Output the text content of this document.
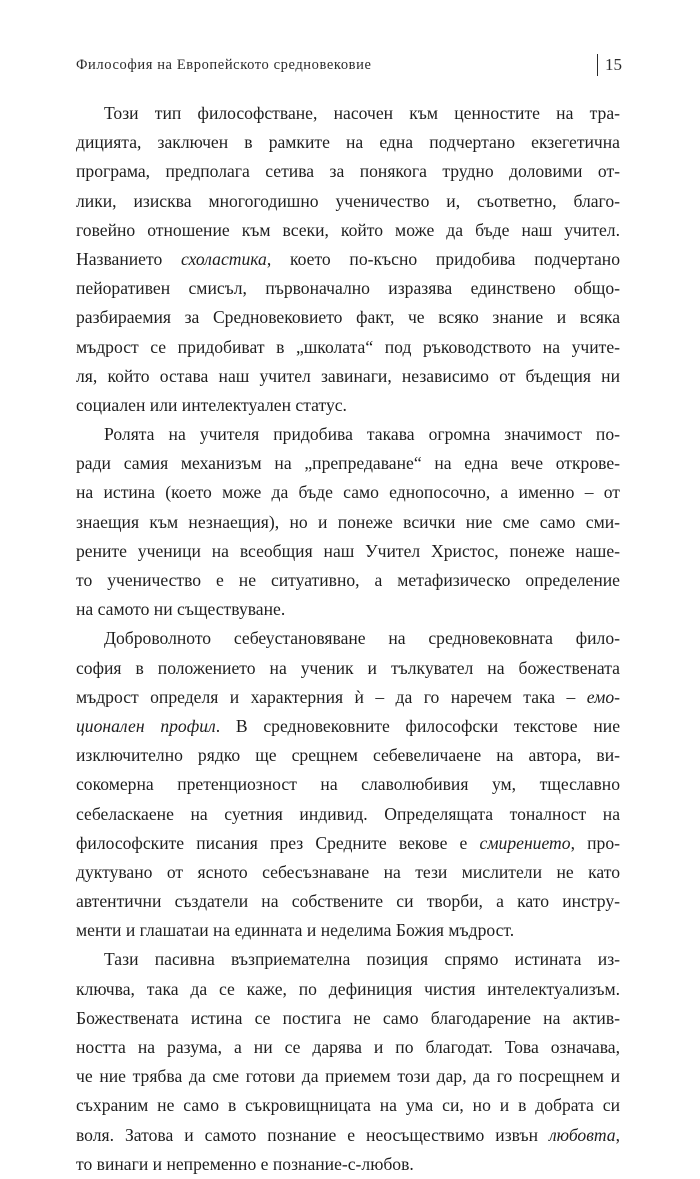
Философия на Европейското средновековие	15
Този тип философстване, насочен към ценностите на тра-
дицията, заключен в рамките на една подчертано екзегетична
програма, предполага сетива за понякога трудно доловими от-
лики, изисква многогодишно ученичество и, съответно, благо-
говейно отношение към всеки, който може да бъде наш учител.
Названието схоластика, което по-късно придобива подчертано
пейоративен смисъл, първоначално изразява единствено общо-
разбираемия за Средновековието факт, че всяко знание и всяка
мъдрост се придобиват в „школата“ под ръководството на учите-
ля, който остава наш учител завинаги, независимо от бъдещия ни
социален или интелектуален статус.
Ролята на учителя придобива такава огромна значимост по-
ради самия механизъм на „препредаване“ на една вече открове-
на истина (което може да бъде само еднопосочно, а именно – от
знаещия към незнаещия), но и понеже всички ние сме само сми-
рените ученици на всеобщия наш Учител Христос, понеже наше-
то ученичество е не ситуативно, а метафизическо определение
на самото ни съществуване.
Доброволното себеустановяване на средновековната фило-
софия в положението на ученик и тълкувател на божествената
мъдрост определя и характерния ѝ – да го наречем така – емо-
ционален профил. В средновековните философски текстове ние
изключително рядко ще срещнем себевеличаене на автора, ви-
сокомерна претенциозност на славолюбивия ум, тщеславно
себеласкаене на суетния индивид. Определящата тоналност на
философските писания през Средните векове е смирението, про-
дуктувано от ясното себесъзнаване на тези мислители не като
автентични създатели на собствените си творби, а като инстру-
менти и глашатаи на единната и неделима Божия мъдрост.
Тази пасивна възприемателна позиция спрямо истината из-
ключва, така да се каже, по дефиниция чистия интелектуализъм.
Божествената истина се постига не само благодарение на актив-
ността на разума, а ни се дарява и по благодат. Това означава,
че ние трябва да сме готови да приемем този дар, да го посрещнем и
съхраним не само в съкровищницата на ума си, но и в добрата си
воля. Затова и самото познание е неосъществимо извън любовта,
то винаги и непременно е познание-с-любов.
